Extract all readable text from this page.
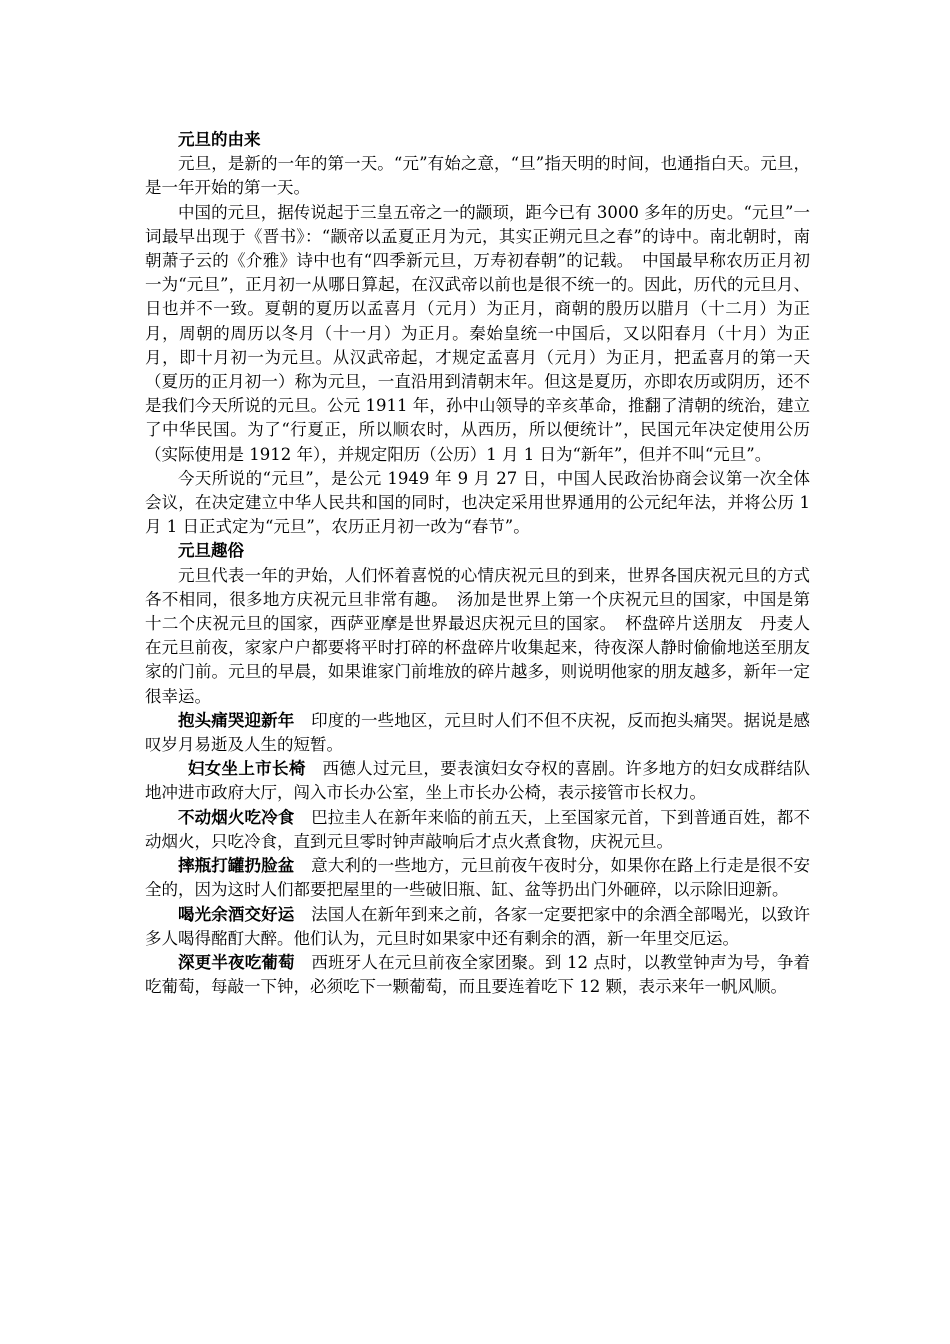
元旦的由来

元旦，是新的一年的第一天。“元”有始之意，“旦”指天明的时间，也通指白天。元旦，是一年开始的第一天。

中国的元旦，据传说起于三皇五帝之一的颛顼，距今已有 3000 多年的历史。“元旦”一词最早出现于《晋书》：“颛帝以孟夏正月为元，其实正朔元旦之春”的诗中。南北朝时，南朝萧子云的《介雅》诗中也有“四季新元旦，万寿初春朝”的记载。　中国最早称农历正月初一为“元旦”，正月初一从哪日算起，在汉武帝以前也是很不统一的。因此，历代的元旦月、日也并不一致。夏朝的夏历以孟喜月（元月）为正月，商朝的殷历以腊月（十二月）为正月，周朝的周历以冬月（十一月）为正月。秦始皇统一中国后，又以阳春月（十月）为正月，即十月初一为元旦。从汉武帝起，才规定孟喜月（元月）为正月，把孟喜月的第一天（夏历的正月初一）称为元旦，一直沿用到清朝末年。但这是夏历，亦即农历或阴历，还不是我们今天所说的元旦。公元 1911 年，孙中山领导的辛亥革命，推翻了清朝的统治，建立了中华民国。为了“行夏正，所以顺农时，从西历，所以便统计”，民国元年决定使用公历（实际使用是 1912 年），并规定阳历（公历）1 月 1 日为“新年”，但并不叫“元旦”。

今天所说的“元旦”，是公元 1949 年 9 月 27 日，中国人民政治协商会议第一次全体会议，在决定建立中华人民共和国的同时，也决定采用世界通用的公元纪年法，并将公历 1 月 1 日正式定为“元旦”，农历正月初一改为“春节”。

元旦趣俗

元旦代表一年的尹始，人们怀着喜悦的心情庆祝元旦的到来，世界各国庆祝元旦的方式各不相同，很多地方庆祝元旦非常有趣。　汤加是世界上第一个庆祝元旦的国家，中国是第十二个庆祝元旦的国家，西萨亚摩是世界最迟庆祝元旦的国家。　杯盘碎片送朋友　丹麦人在元旦前夜，家家户户都要将平时打碎的杯盘碎片收集起来，待夜深人静时偷偷地送至朋友家的门前。元旦的早晨，如果谁家门前堆放的碎片越多，则说明他家的朋友越多，新年一定很幸运。

抱头痛哭迎新年　印度的一些地区，元旦时人们不但不庆祝，反而抱头痛哭。据说是感叹岁月易逝及人生的短暂。

妇女坐上市长椅　西德人过元旦，要表演妇女夺权的喜剧。许多地方的妇女成群结队地冲进市政府大厅，闯入市长办公室，坐上市长办公椅，表示接管市长权力。

不动烟火吃冷食　巴拉圭人在新年来临的前五天，上至国家元首，下到普通百姓，都不动烟火，只吃冷食，直到元旦零时钟声敲响后才点火煮食物，庆祝元旦。

摔瓶打罐扔脸盆　意大利的一些地方，元旦前夜午夜时分，如果你在路上行走是很不安全的，因为这时人们都要把屋里的一些破旧瓶、缸、盆等扔出门外砸碎，以示除旧迎新。

喝光余酒交好运　法国人在新年到来之前，各家一定要把家中的余酒全部喝光，以致许多人喝得酩酊大醉。他们认为，元旦时如果家中还有剩余的酒，新一年里交厄运。

深更半夜吃葡萄　西班牙人在元旦前夜全家团聚。到 12 点时，以教堂钟声为号，争着吃葡萄，每敲一下钟，必须吃下一颗葡萄，而且要连着吃下 12 颗，表示来年一帆风顺。
